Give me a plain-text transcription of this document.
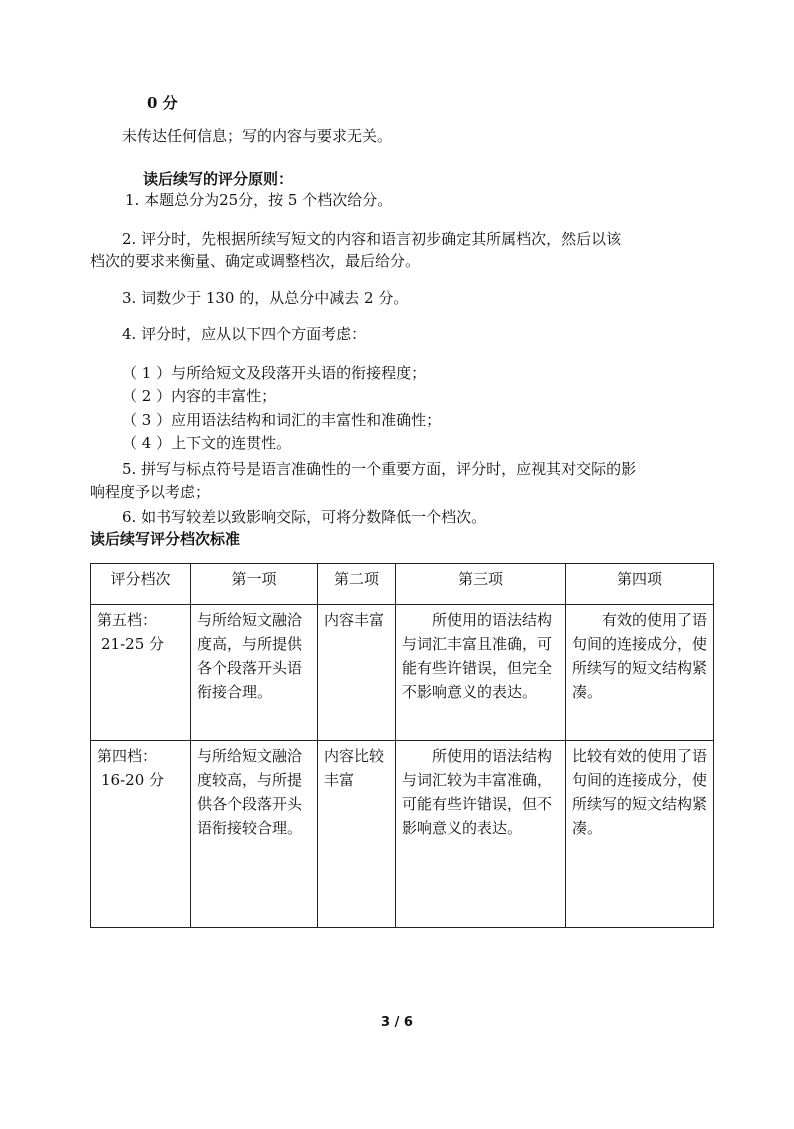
0 分
未传达任何信息；写的内容与要求无关。
读后续写的评分原则：
1. 本题总分为25分，按 5 个档次给分。
2. 评分时，先根据所续写短文的内容和语言初步确定其所属档次，然后以该
档次的要求来衡量、确定或调整档次，最后给分。
3. 词数少于 130 的，从总分中减去 2 分。
4. 评分时，应从以下四个方面考虑：
（ 1 ）与所给短文及段落开头语的衔接程度；
（ 2 ）内容的丰富性；
（ 3 ）应用语法结构和词汇的丰富性和准确性；
（ 4 ）上下文的连贯性。
5. 拼写与标点符号是语言准确性的一个重要方面，评分时，应视其对交际的影
响程度予以考虑；
6. 如书写较差以致影响交际，可将分数降低一个档次。
读后续写评分档次标准
评分档次	第一项	第二项	第三项	第四项

第五档：
21-25 分	与所给短文融洽度高，与所提供各个段落开头语衔接合理。	内容丰富	所使用的语法结构与词汇丰富且准确，可能有些许错误，但完全不影响意义的表达。	有效的使用了语句间的连接成分，使所续写的短文结构紧凑。

第四档：
16-20 分	与所给短文融洽度较高，与所提供各个段落开头语衔接较合理。	内容比较丰富	所使用的语法结构与词汇较为丰富准确，可能有些许错误，但不影响意义的表达。	比较有效的使用了语句间的连接成分，使所续写的短文结构紧凑。
3 / 6
